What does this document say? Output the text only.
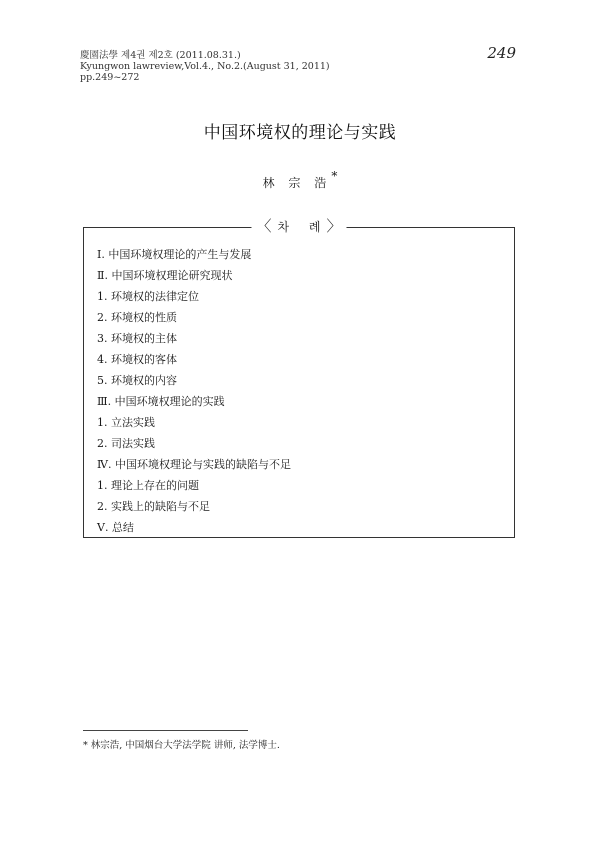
慶園法學 제4권 제2호 (2011.08.31.)
Kyungwon lawreview,Vol.4., No.2.(August 31, 2011)
pp.249~272
249
中国环境权的理论与实践
林 宗 浩*
〈 차 례
〉
Ⅰ. 中国环境权理论的产生与发展
Ⅱ. 中国环境权理论研究现状
1. 环境权的法律定位
2. 环境权的性质
3. 环境权的主体
4. 环境权的客体
5. 环境权的内容
Ⅲ. 中国环境权理论的实践
1. 立法实践
2. 司法实践
Ⅳ. 中国环境权理论与实践的缺陷与不足
1. 理论上存在的问题
2. 实践上的缺陷与不足
Ⅴ. 总结
* 林宗浩, 中国烟台大学法学院 讲师, 法学博士.
